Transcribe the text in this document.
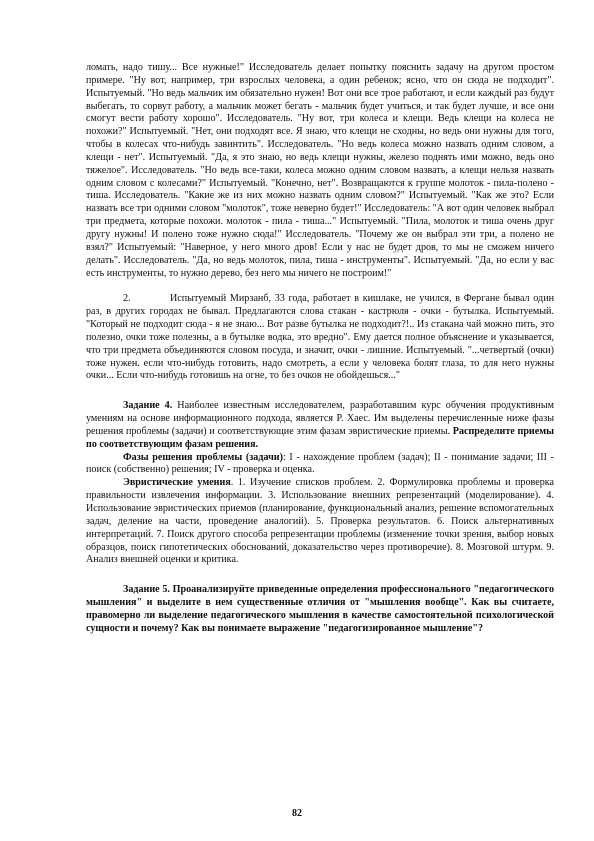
ломать, надо тишу... Все нужные!" Исследователь делает попытку пояснить задачу на другом простом примере. "Ну вот, например, три взрослых человека, а один ребенок; ясно, что он сюда не подходит". Испытуемый. "Но ведь мальчик им обязательно нужен! Вот они все трое работают, и если каждый раз будут выбегать, то сорвут работу, а мальчик может бегать - мальчик будет учиться, и так будет лучше, и все они смогут вести работу хорошо". Исследователь. "Ну вот, три колеса и клещи. Ведь клещи на колеса не похожи?" Испытуемый. "Нет, они подходят все. Я знаю, что клещи не сходны, но ведь они нужны для того, чтобы в колесах что-нибудь завинтить". Исследователь. "Но ведь колеса можно назвать одним словом, а клещи - нет". Испытуемый. "Да, я это знаю, но ведь клещи нужны, железо поднять ими можно, ведь оно тяжелое". Исследователь. "Но ведь все-таки, колеса можно одним словом назвать, а клещи нельзя назвать одним словом с колесами?" Испытуемый. "Конечно, нет". Возвращаются к группе молоток - пила-полено - тиша. Исследователь. "Какие же из них можно назвать одним словом?" Испытуемый. "Как же это? Если назвать все три одними словом "молоток", тоже неверно будет!" Исследователь: "А вот один человек выбрал три предмета, которые похожи. молоток - пила - тиша..." Испытуемый. "Пила, молоток и тиша очень друг другу нужны! И полено тоже нужно сюда!" Исследователь. "Почему же он выбрал эти три, а полено не взял?" Испытуемый: "Наверное, у него много дров! Если у нас не будет дров, то мы не сможем ничего делать". Исследователь. "Да, но ведь молоток, пила, тиша - инструменты". Испытуемый. "Да, но если у вас есть инструменты, то нужно дерево, без него мы ничего не построим!"

2.	Испытуемый Мирзанб, 33 года, работает в кишлаке, не учился, в Фергане бывал один раз, в других городах не бывал. Предлагаются слова стакан - кастрюля - очки - бутылка. Испытуемый. "Который не подходит сюда - я не знаю... Вот разве бутылка не подходит?!.. Из стакана чай можно пить, это полезно, очки тоже полезны, а в бутылке водка, это вредно". Ему дается полное объяснение и указывается, что три предмета объединяются словом посуда, и значит, очки - лишние. Испытуемый. "...четвертый (очки) тоже нужен. если что-нибудь готовить, надо смотреть, а если у человека болят глаза, то для него нужны очки... Если что-нибудь готовишь на огне, то без очков не обойдешься..."

Задание 4. Наиболее известным исследователем, разработавшим курс обучения продуктивным умениям на основе информационного подхода, является Р. Хаес. Им выделены перечисленные ниже фазы решения проблемы (задачи) и соответствующие этим фазам эвристические приемы. Распределите приемы по соответствующим фазам решения.

Фазы решения проблемы (задачи): I - нахождение проблем (задач); II - понимание задачи; III - поиск (собственно) решения; IV - проверка и оценка.

Эвристические умения. 1. Изучение списков проблем. 2. Формулировка проблемы и проверка правильности извлечения информации. 3. Использование внешних репрезентаций (моделирование). 4. Использование эвристических приемов (планирование, функциональный анализ, решение вспомогательных задач, деление на части, проведение аналогий). 5. Проверка результатов. 6. Поиск альтернативных интерпретаций. 7. Поиск другого способа репрезентации проблемы (изменение точки зрения, выбор новых образцов, поиск гипотетических обоснований, доказательство через противоречие). 8. Мозговой штурм. 9. Анализ внешней оценки и критика.

Задание 5. Проанализируйте приведенные определения профессионального "педагогического мышления" и выделите в нем существенные отличия от "мышления вообще". Как вы считаете, правомерно ли выделение педагогического мышления в качестве самостоятельной психологической сущности и почему? Как вы понимаете выражение "педагогизированное мышление"?

82
